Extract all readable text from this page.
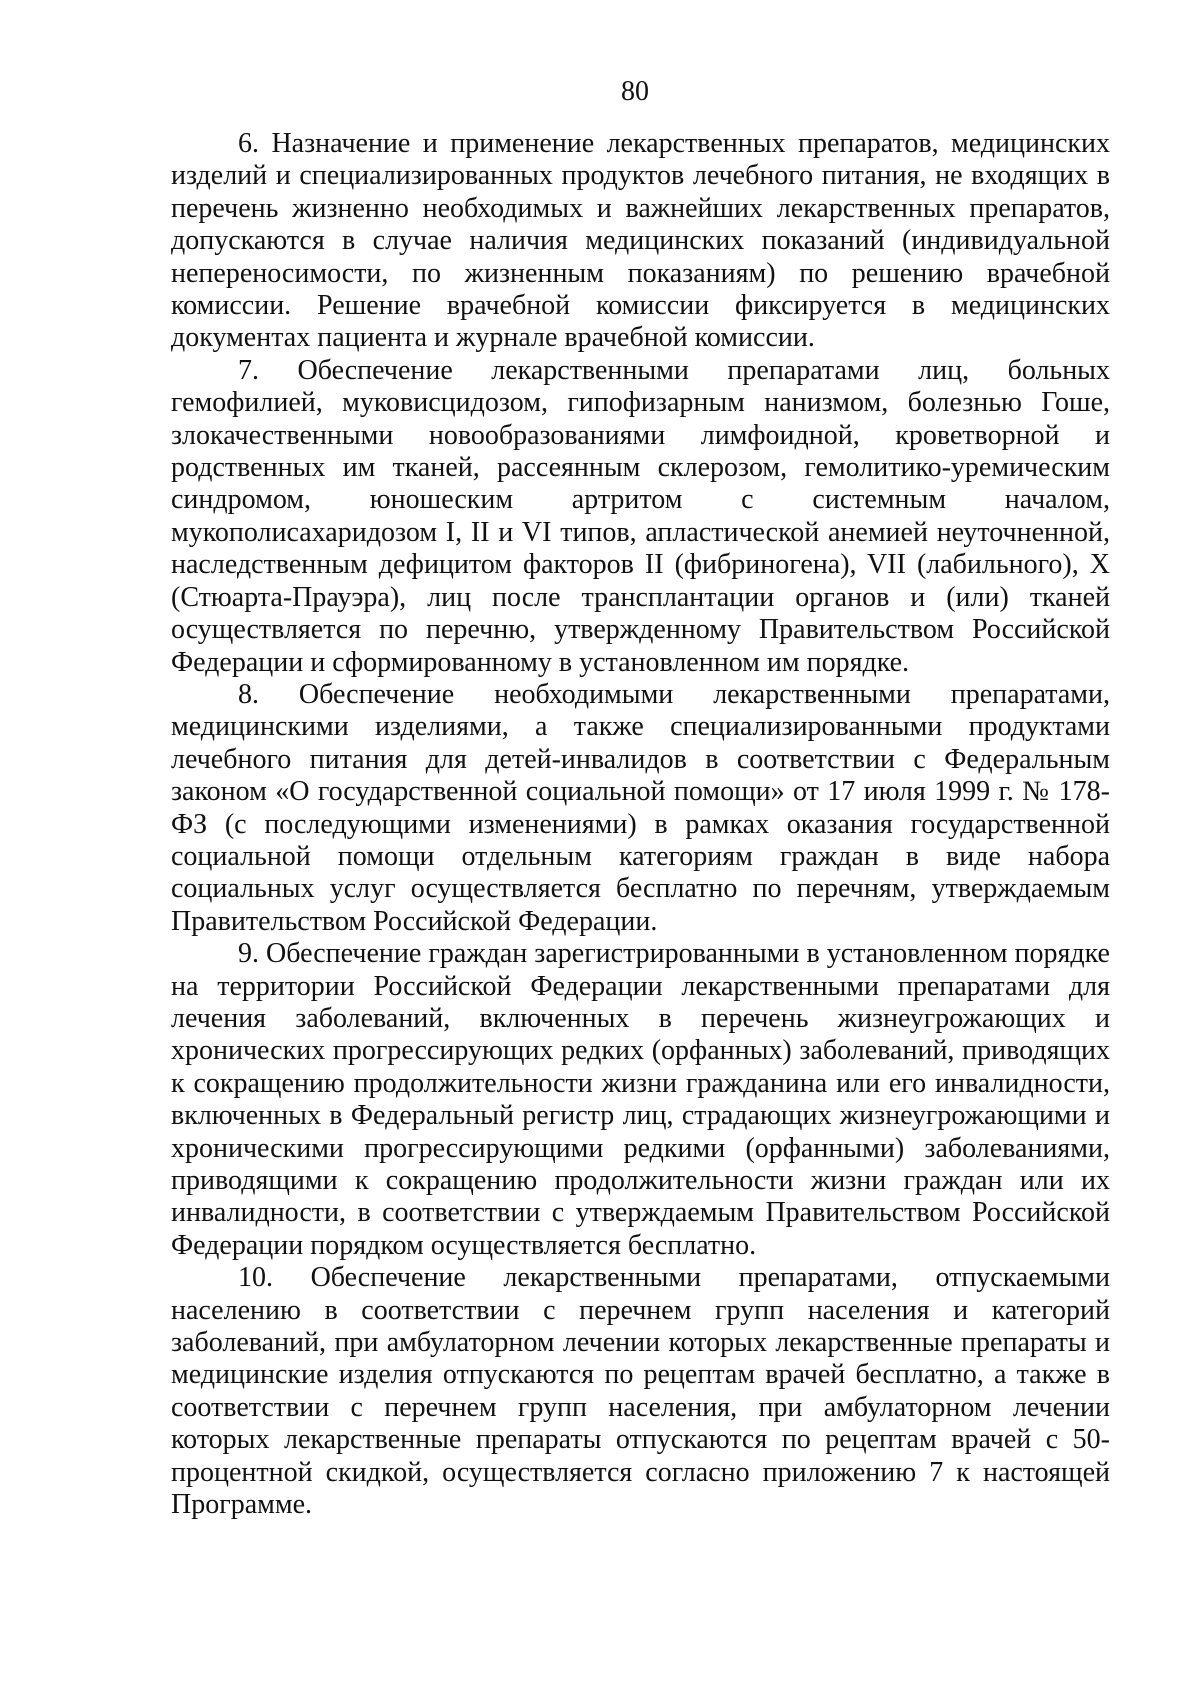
80

6. Назначение и применение лекарственных препаратов, медицинских изделий и специализированных продуктов лечебного питания, не входящих в перечень жизненно необходимых и важнейших лекарственных препаратов, допускаются в случае наличия медицинских показаний (индивидуальной непереносимости, по жизненным показаниям) по решению врачебной комиссии. Решение врачебной комиссии фиксируется в медицинских документах пациента и журнале врачебной комиссии.

7. Обеспечение лекарственными препаратами лиц, больных гемофилией, муковисцидозом, гипофизарным нанизмом, болезнью Гоше, злокачественными новообразованиями лимфоидной, кроветворной и родственных им тканей, рассеянным склерозом, гемолитико-уремическим синдромом, юношеским артритом с системным началом, мукополисахаридозом I, II и VI типов, апластической анемией неуточненной, наследственным дефицитом факторов II (фибриногена), VII (лабильного), X (Стюарта-Прауэра), лиц после трансплантации органов и (или) тканей осуществляется по перечню, утвержденному Правительством Российской Федерации и сформированному в установленном им порядке.

8. Обеспечение необходимыми лекарственными препаратами, медицинскими изделиями, а также специализированными продуктами лечебного питания для детей-инвалидов в соответствии с Федеральным законом «О государственной социальной помощи» от 17 июля 1999 г. № 178-ФЗ (с последующими изменениями) в рамках оказания государственной социальной помощи отдельным категориям граждан в виде набора социальных услуг осуществляется бесплатно по перечням, утверждаемым Правительством Российской Федерации.

9. Обеспечение граждан зарегистрированными в установленном порядке на территории Российской Федерации лекарственными препаратами для лечения заболеваний, включенных в перечень жизнеугрожающих и хронических прогрессирующих редких (орфанных) заболеваний, приводящих к сокращению продолжительности жизни гражданина или его инвалидности, включенных в Федеральный регистр лиц, страдающих жизнеугрожающими и хроническими прогрессирующими редкими (орфанными) заболеваниями, приводящими к сокращению продолжительности жизни граждан или их инвалидности, в соответствии с утверждаемым Правительством Российской Федерации порядком осуществляется бесплатно.

10. Обеспечение лекарственными препаратами, отпускаемыми населению в соответствии с перечнем групп населения и категорий заболеваний, при амбулаторном лечении которых лекарственные препараты и медицинские изделия отпускаются по рецептам врачей бесплатно, а также в соответствии с перечнем групп населения, при амбулаторном лечении которых лекарственные препараты отпускаются по рецептам врачей с 50-процентной скидкой, осуществляется согласно приложению 7 к настоящей Программе.
